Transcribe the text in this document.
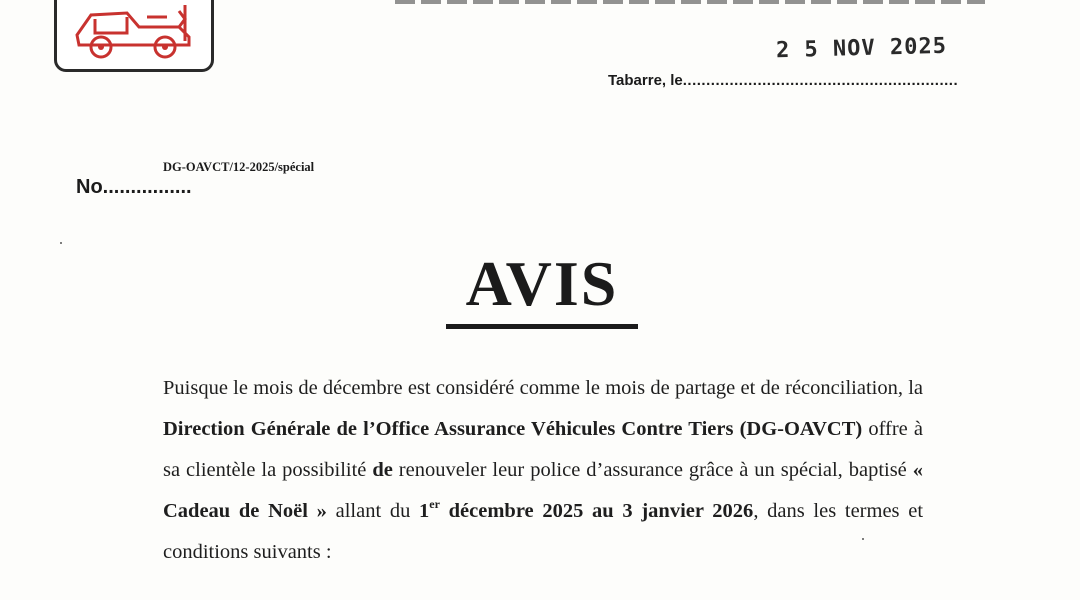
2 5 NOV 2025
Tabarre, le...........................................................
DG-OAVCT/12-2025/spécial
No................
AVIS
Puisque le mois de décembre est considéré comme le mois de partage et de réconciliation, la Direction Générale de l’Office Assurance Véhicules Contre Tiers (DG-OAVCT) offre à sa clientèle la possibilité de renouveler leur police d’assurance grâce à un spécial, baptisé « Cadeau de Noël » allant du 1er décembre 2025 au 3 janvier 2026, dans les termes et conditions suivants :
